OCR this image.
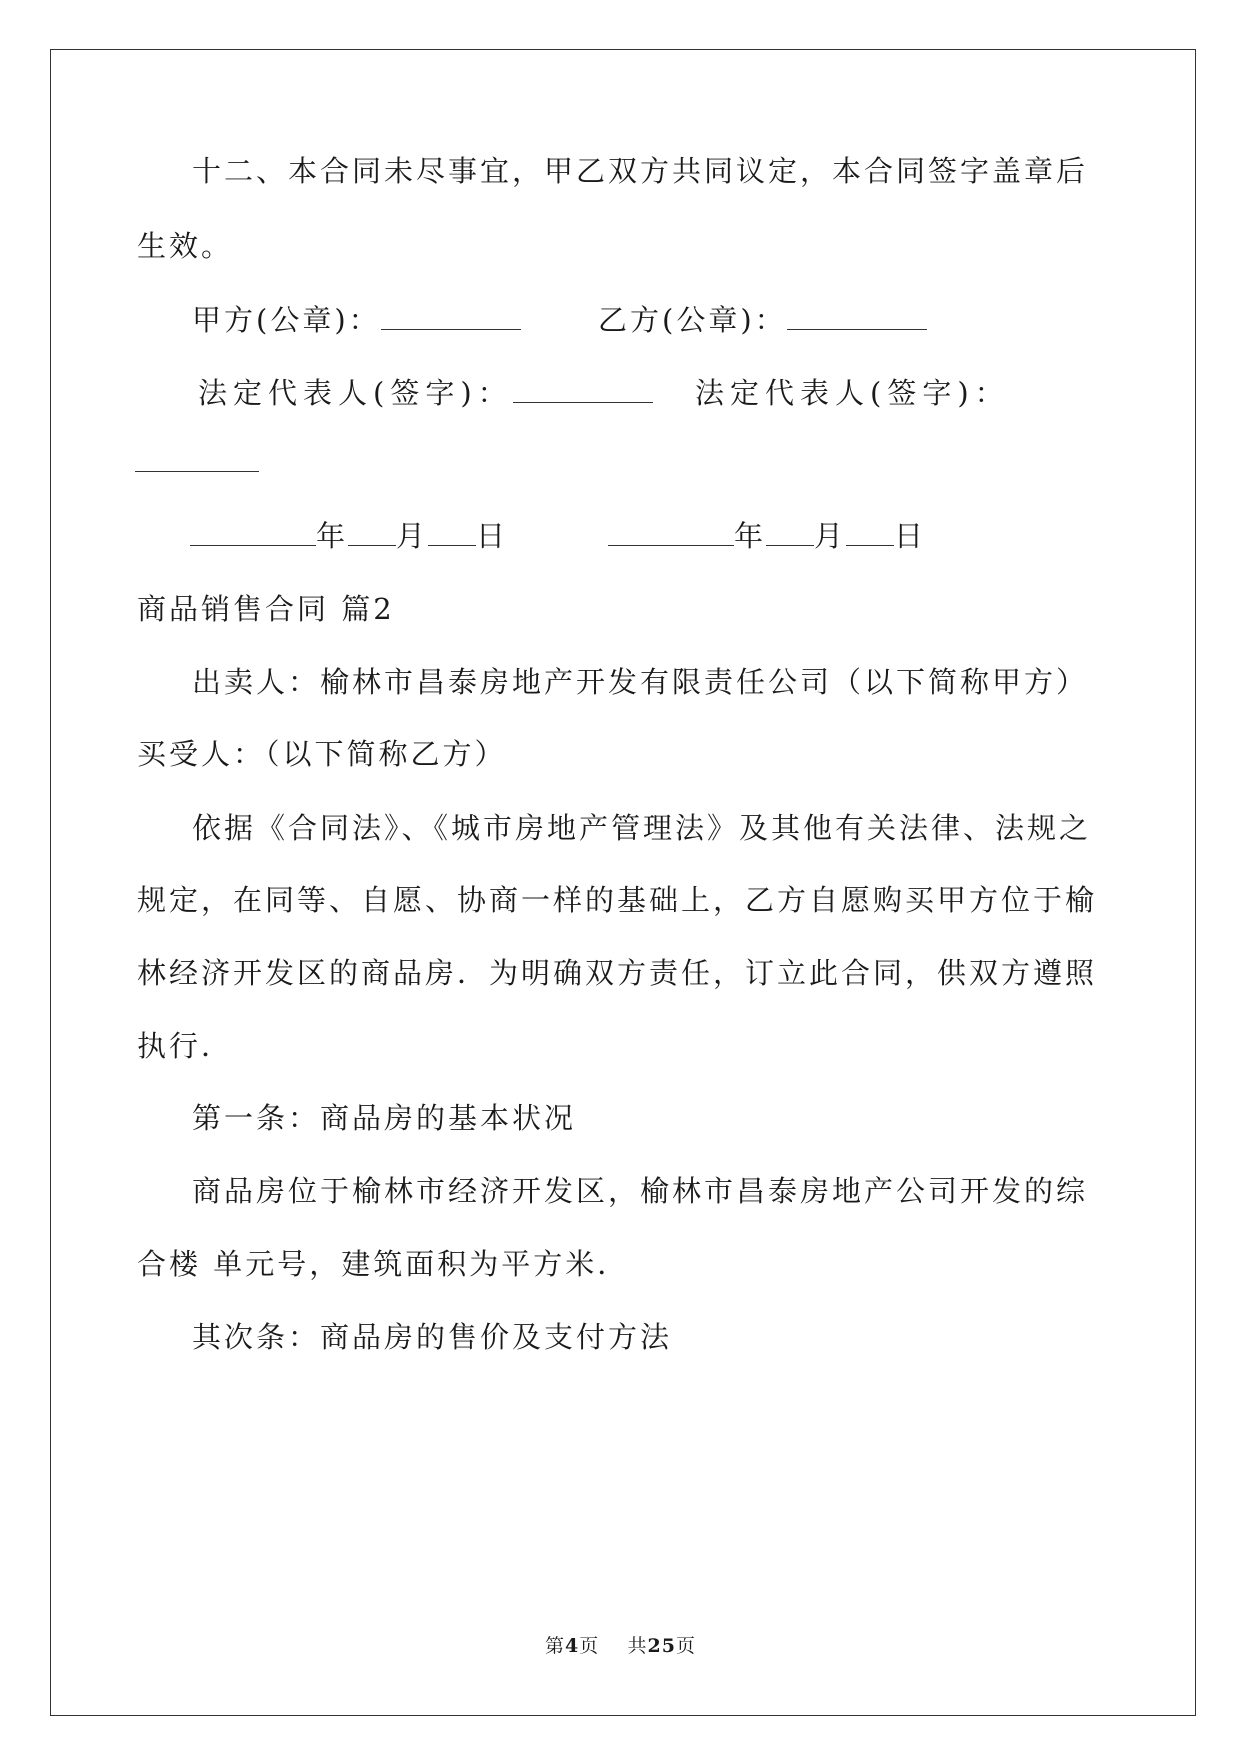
十二、本合同未尽事宜，甲乙双方共同议定，本合同签字盖章后
生效。
甲方(公章)：	乙方(公章)：
法定代表人(签字)：	法定代表人(签字)：
年 月 日	年 月 日
商品销售合同 篇2
出卖人：榆林市昌泰房地产开发有限责任公司（以下简称甲方）
买受人：（以下简称乙方）
依据《合同法》、《城市房地产管理法》及其他有关法律、法规之
规定，在同等、自愿、协商一样的基础上，乙方自愿购买甲方位于榆
林经济开发区的商品房．为明确双方责任，订立此合同，供双方遵照
执行．
第一条：商品房的基本状况
商品房位于榆林市经济开发区，榆林市昌泰房地产公司开发的综
合楼 单元号，建筑面积为平方米．
其次条：商品房的售价及支付方法
第4页 共25页
